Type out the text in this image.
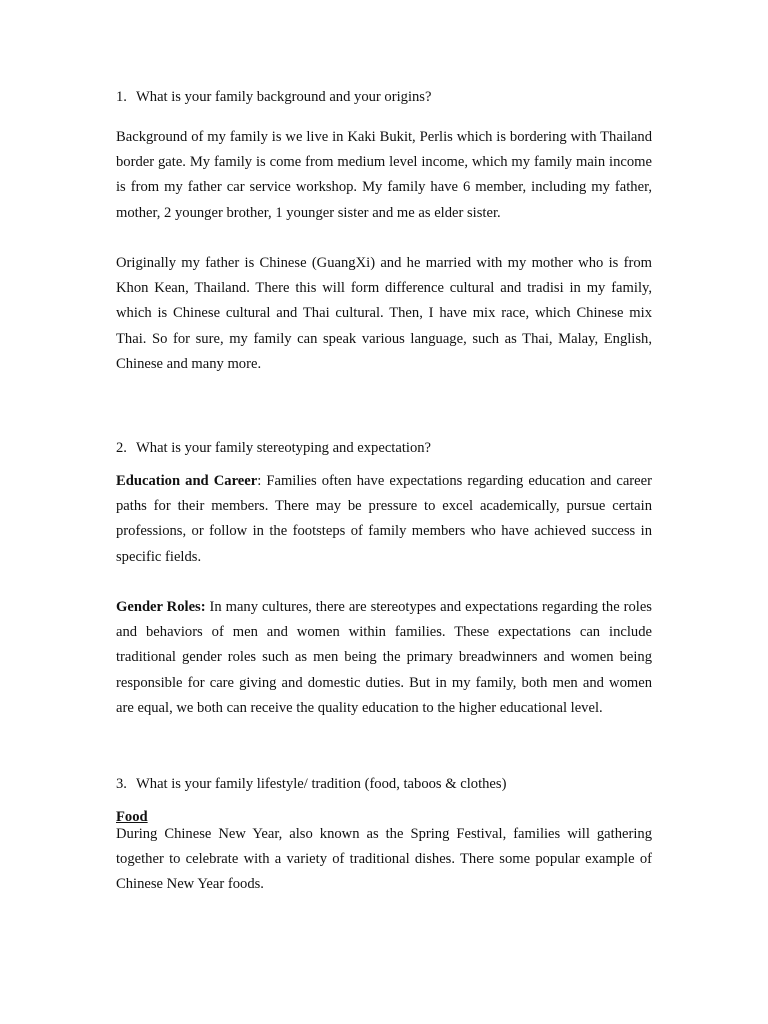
1. What is your family background and your origins?

Background of my family is we live in Kaki Bukit, Perlis which is bordering with Thailand border gate. My family is come from medium level income, which my family main income is from my father car service workshop. My family have 6 member, including my father, mother, 2 younger brother, 1 younger sister and me as elder sister.

Originally my father is Chinese (GuangXi) and he married with my mother who is from Khon Kean, Thailand. There this will form difference cultural and tradisi in my family, which is Chinese cultural and Thai cultural. Then, I have mix race, which Chinese mix Thai. So for sure, my family can speak various language, such as Thai, Malay, English, Chinese and many more.

2. What is your family stereotyping and expectation?

Education and Career: Families often have expectations regarding education and career paths for their members. There may be pressure to excel academically, pursue certain professions, or follow in the footsteps of family members who have achieved success in specific fields.

Gender Roles: In many cultures, there are stereotypes and expectations regarding the roles and behaviors of men and women within families. These expectations can include traditional gender roles such as men being the primary breadwinners and women being responsible for care giving and domestic duties. But in my family, both men and women are equal, we both can receive the quality education to the higher educational level.

3. What is your family lifestyle/ tradition (food, taboos & clothes)
Food

During Chinese New Year, also known as the Spring Festival, families will gathering together to celebrate with a variety of traditional dishes. There some popular example of Chinese New Year foods.
